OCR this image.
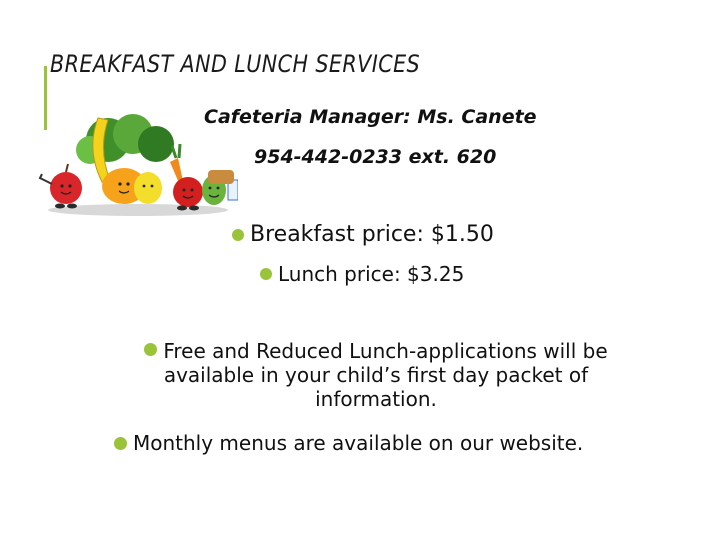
BREAKFAST AND LUNCH SERVICES
Cafeteria Manager: Ms. Canete
954-442-0233 ext. 620
Breakfast price: $1.50
Lunch price: $3.25
Free and Reduced Lunch-applications will be available in your child’s first day packet of information.
Monthly menus are available on our website.
